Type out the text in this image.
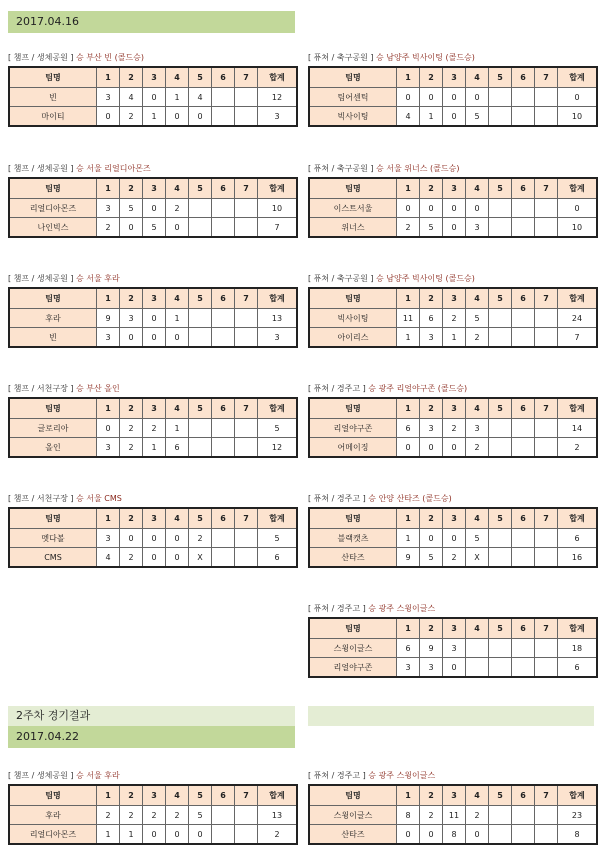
2017.04.16
2주차 경기결과
2017.04.22
[ 챔프 / 생체공원 ] 승 부산 빈 (콜드승)
팀명	1	2	3	4	5	6	7	합계
빈	3	4	0	1	4			12
마이티	0	2	1	0	0			3
[ 챔프 / 생체공원 ] 승 서울 리얼디아몬즈
팀명	1	2	3	4	5	6	7	합계
리얼디아몬즈	3	5	0	2				10
나인빅스	2	0	5	0				7
[ 챔프 / 생체공원 ] 승 서울 후라
팀명	1	2	3	4	5	6	7	합계
후라	9	3	0	1				13
빈	3	0	0	0				3
[ 챔프 / 서천구장 ] 승 부산 올인
팀명	1	2	3	4	5	6	7	합계
글로리아	0	2	2	1				5
올인	3	2	1	6				12
[ 챔프 / 서천구장 ] 승 서울 CMS
팀명	1	2	3	4	5	6	7	합계
멧다볼	3	0	0	0	2			5
CMS	4	2	0	0	X			6
[ 퓨쳐 / 축구공원 ] 승 남양주 빅사이팅 (콜드승)
팀명	1	2	3	4	5	6	7	합계
팀어센틱	0	0	0	0				0
빅사이팅	4	1	0	5				10
[ 퓨쳐 / 축구공원 ] 승 서울 위너스 (콜드승)
팀명	1	2	3	4	5	6	7	합계
이스트서울	0	0	0	0				0
위너스	2	5	0	3				10
[ 퓨쳐 / 축구공원 ] 승 남양주 빅사이팅 (콜드승)
팀명	1	2	3	4	5	6	7	합계
빅사이팅	11	6	2	5				24
아이리스	1	3	1	2				7
[ 퓨쳐 / 경주고 ] 승 광주 리얼야구존 (콜드승)
팀명	1	2	3	4	5	6	7	합계
리얼야구존	6	3	2	3				14
어메이징	0	0	0	2				2
[ 퓨쳐 / 경주고 ] 승 안양 산타즈 (콜드승)
팀명	1	2	3	4	5	6	7	합계
블랙캣츠	1	0	0	5				6
산타즈	9	5	2	X				16
[ 퓨쳐 / 경주고 ] 승 광주 스윙이글스
팀명	1	2	3	4	5	6	7	합계
스윙이글스	6	9	3					18
리얼야구존	3	3	0					6
[ 챔프 / 생체공원 ] 승 서울 후라
팀명	1	2	3	4	5	6	7	합계
후라	2	2	2	2	5			13
리얼디아몬즈	1	1	0	0	0			2
[ 퓨쳐 / 경주고 ] 승 광주 스윙이글스
팀명	1	2	3	4	5	6	7	합계
스윙이글스	8	2	11	2				23
산타즈	0	0	8	0				8
